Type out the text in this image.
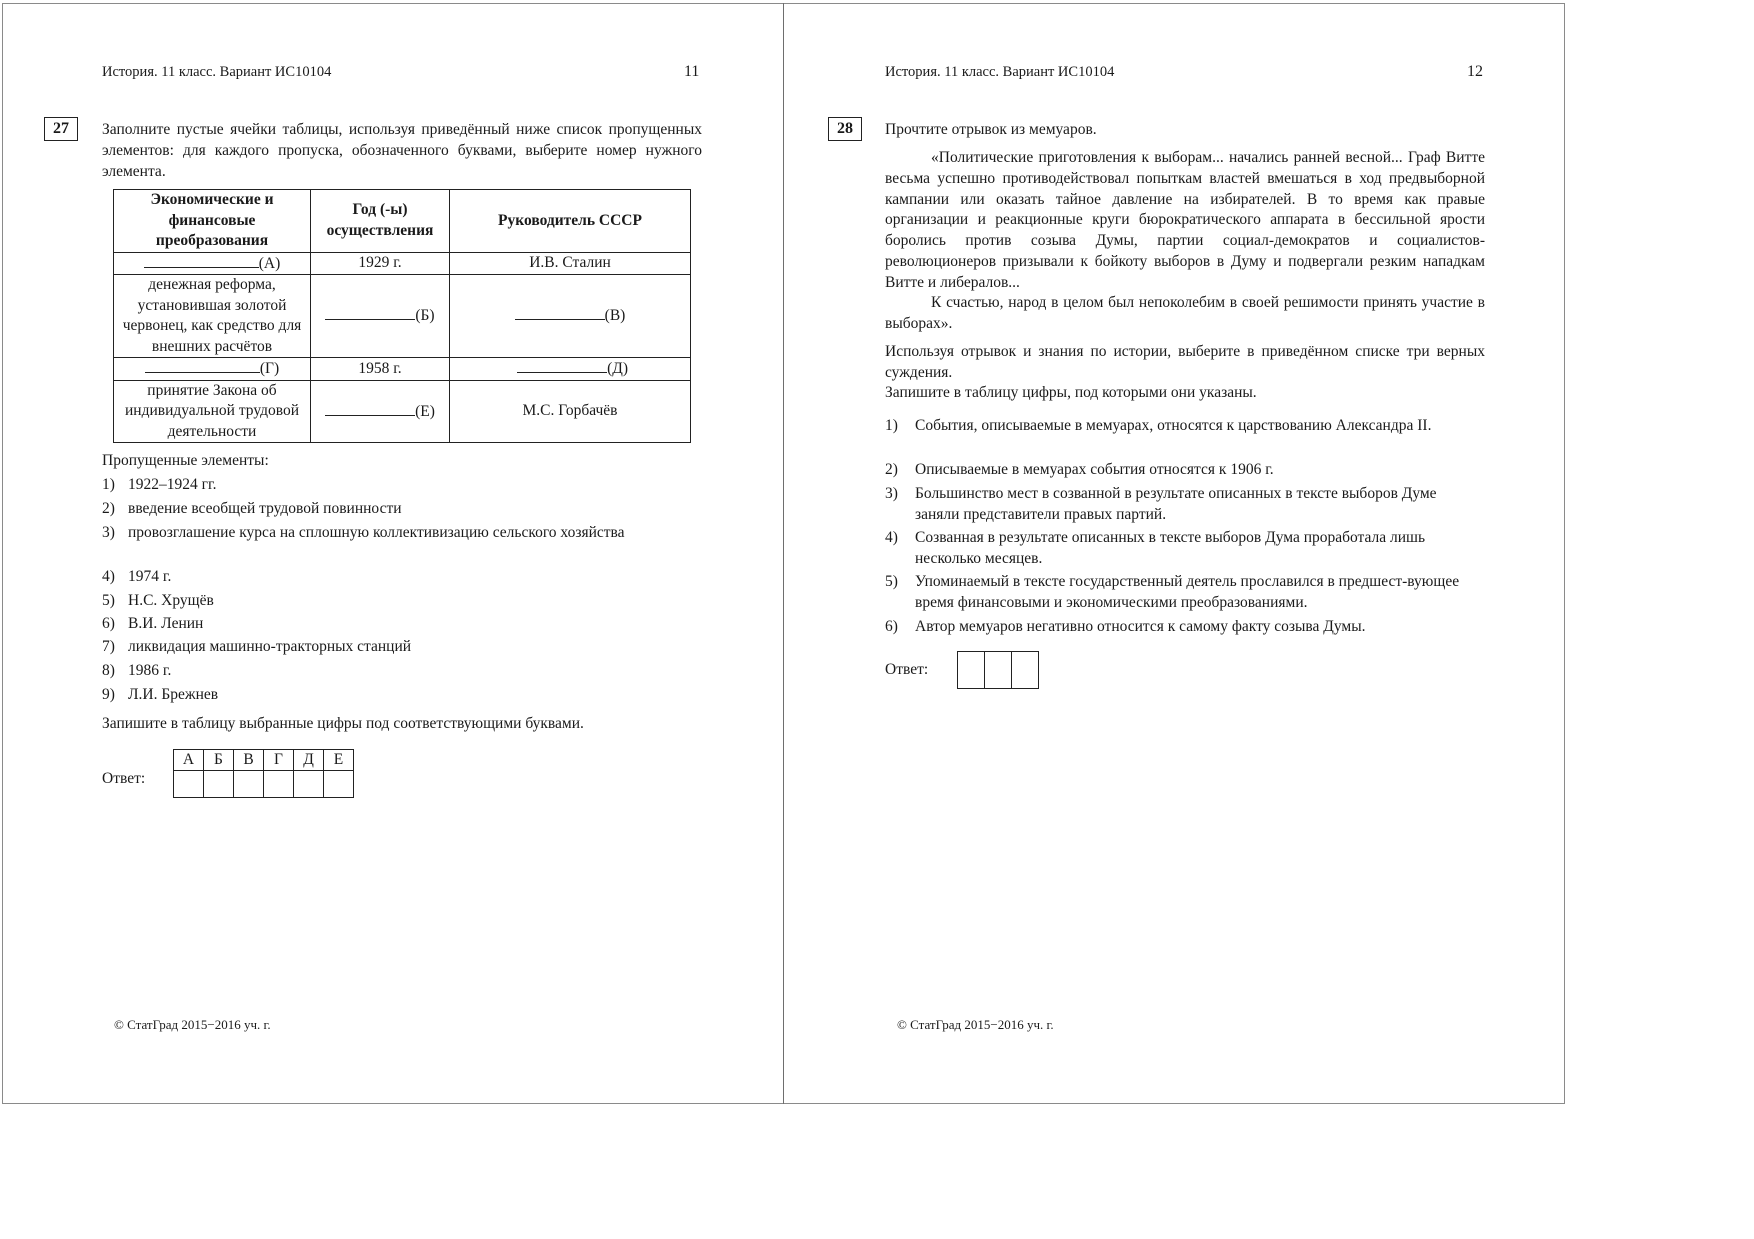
История. 11 класс. Вариант ИС10104	11
27	Заполните пустые ячейки таблицы, используя приведённый ниже список пропущенных элементов: для каждого пропуска, обозначенного буквами, выберите номер нужного элемента.
Экономические и финансовые преобразования	Год (-ы) осуществления	Руководитель СССР
(А)	1929 г.	И.В. Сталин
денежная реформа, установившая золотой червонец, как средство для внешних расчётов	(Б)	(В)
(Г)	1958 г.	(Д)
принятие Закона об индивидуальной трудовой деятельности	(Е)	М.С. Горбачёв
Пропущенные элементы:
1) 1922–1924 гг.
2) введение всеобщей трудовой повинности
3) провозглашение курса на сплошную коллективизацию сельского хозяйства
4) 1974 г.
5) Н.С. Хрущёв
6) В.И. Ленин
7) ликвидация машинно-тракторных станций
8) 1986 г.
9) Л.И. Брежнев
Запишите в таблицу выбранные цифры под соответствующими буквами.
Ответ:
А	Б	В	Г	Д	Е

© СтатГрад 2015−2016 уч. г.
История. 11 класс. Вариант ИС10104	12
28	Прочтите отрывок из мемуаров.
«Политические приготовления к выборам... начались ранней весной... Граф Витте весьма успешно противодействовал попыткам властей вмешаться в ход предвыборной кампании или оказать тайное давление на избирателей. В то время как правые организации и реакционные круги бюрократического аппарата в бессильной ярости боролись против созыва Думы, партии социал-демократов и социалистов-революционеров призывали к бойкоту выборов в Думу и подвергали резким нападкам Витте и либералов...
К счастью, народ в целом был непоколебим в своей решимости принять участие в выборах».
Используя отрывок и знания по истории, выберите в приведённом списке три верных суждения.
Запишите в таблицу цифры, под которыми они указаны.
1) События, описываемые в мемуарах, относятся к царствованию Александра II.
2) Описываемые в мемуарах события относятся к 1906 г.
3) Большинство мест в созванной в результате описанных в тексте выборов Думе заняли представители правых партий.
4) Созванная в результате описанных в тексте выборов Дума проработала лишь несколько месяцев.
5) Упоминаемый в тексте государственный деятель прославился в предшест-вующее время финансовыми и экономическими преобразованиями.
6) Автор мемуаров негативно относится к самому факту созыва Думы.
Ответ:

© СтатГрад 2015−2016 уч. г.
